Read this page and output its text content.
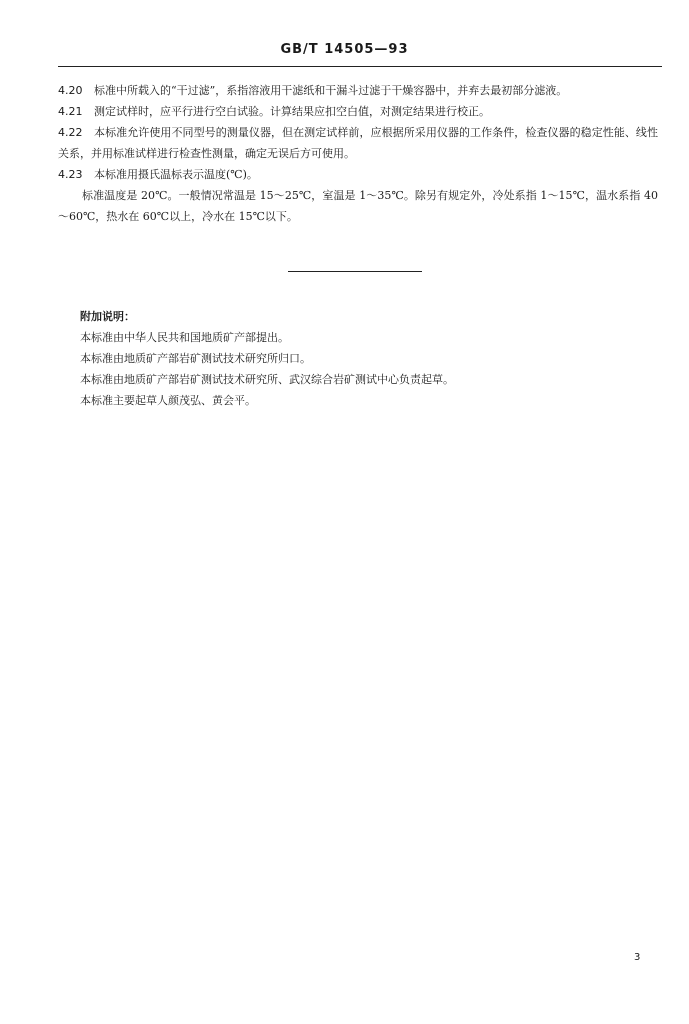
GB/T 14505—93

4.20 标准中所载入的“干过滤”，系指溶液用干滤纸和干漏斗过滤于干燥容器中，并弃去最初部分滤液。

4.21 测定试样时，应平行进行空白试验。计算结果应扣空白值，对测定结果进行校正。

4.22 本标准允许使用不同型号的测量仪器，但在测定试样前，应根据所采用仪器的工作条件，检查仪器的稳定性能、线性关系，并用标准试样进行检查性测量，确定无误后方可使用。

4.23 本标准用摄氏温标表示温度(℃)。

标准温度是 20℃。一般情况常温是 15～25℃，室温是 1～35℃。除另有规定外，冷处系指 1～15℃，温水系指 40～60℃，热水在 60℃以上，冷水在 15℃以下。

附加说明：

本标准由中华人民共和国地质矿产部提出。

本标准由地质矿产部岩矿测试技术研究所归口。

本标准由地质矿产部岩矿测试技术研究所、武汉综合岩矿测试中心负责起草。

本标准主要起草人颜茂弘、黄会平。

3
